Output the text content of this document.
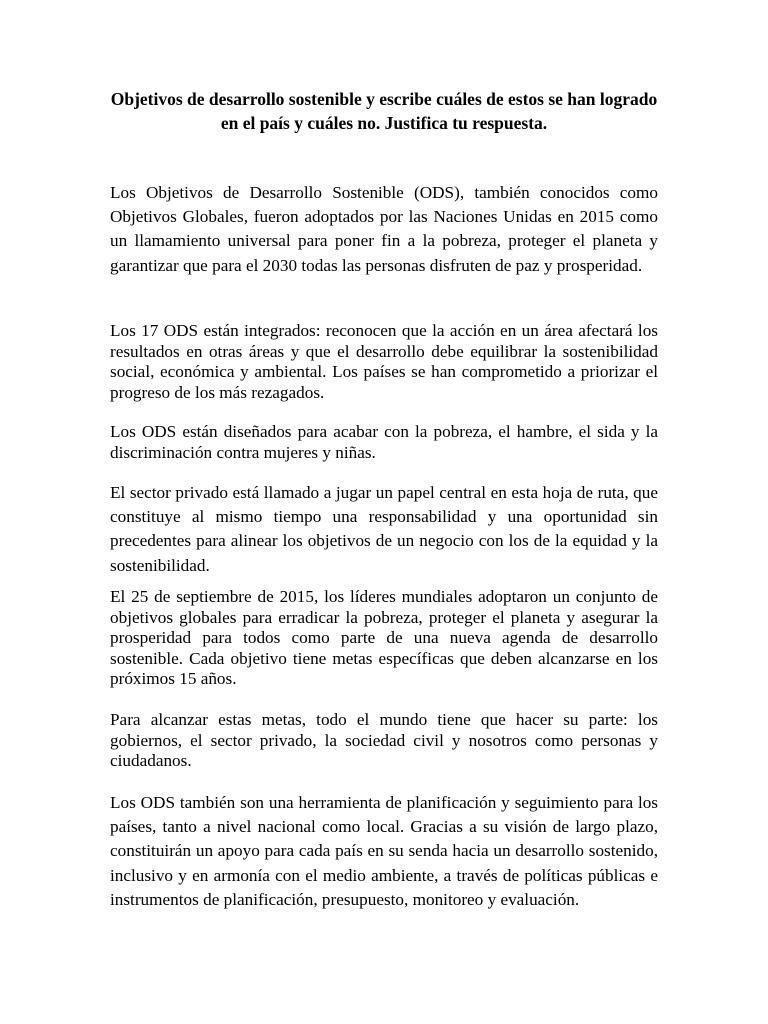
Objetivos de desarrollo sostenible y escribe cuáles de estos se han logrado en el país y cuáles no. Justifica tu respuesta.

Los Objetivos de Desarrollo Sostenible (ODS), también conocidos como Objetivos Globales, fueron adoptados por las Naciones Unidas en 2015 como un llamamiento universal para poner fin a la pobreza, proteger el planeta y garantizar que para el 2030 todas las personas disfruten de paz y prosperidad.

Los 17 ODS están integrados: reconocen que la acción en un área afectará los resultados en otras áreas y que el desarrollo debe equilibrar la sostenibilidad social, económica y ambiental. Los países se han comprometido a priorizar el progreso de los más rezagados.

Los ODS están diseñados para acabar con la pobreza, el hambre, el sida y la discriminación contra mujeres y niñas.

El sector privado está llamado a jugar un papel central en esta hoja de ruta, que constituye al mismo tiempo una responsabilidad y una oportunidad sin precedentes para alinear los objetivos de un negocio con los de la equidad y la sostenibilidad.

El 25 de septiembre de 2015, los líderes mundiales adoptaron un conjunto de objetivos globales para erradicar la pobreza, proteger el planeta y asegurar la prosperidad para todos como parte de una nueva agenda de desarrollo sostenible. Cada objetivo tiene metas específicas que deben alcanzarse en los próximos 15 años.

Para alcanzar estas metas, todo el mundo tiene que hacer su parte: los gobiernos, el sector privado, la sociedad civil y nosotros como personas y ciudadanos.

Los ODS también son una herramienta de planificación y seguimiento para los países, tanto a nivel nacional como local. Gracias a su visión de largo plazo, constituirán un apoyo para cada país en su senda hacia un desarrollo sostenido, inclusivo y en armonía con el medio ambiente, a través de políticas públicas e instrumentos de planificación, presupuesto, monitoreo y evaluación.
